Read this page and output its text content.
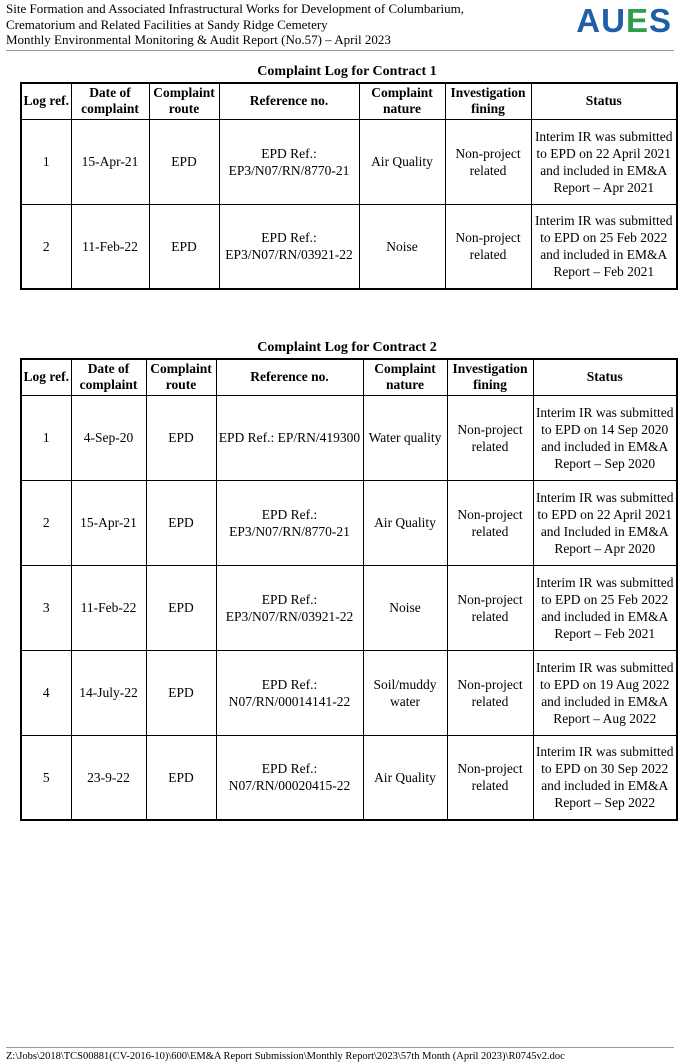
Site Formation and Associated Infrastructural Works for Development of Columbarium,
Crematorium and Related Facilities at Sandy Ridge Cemetery
Monthly Environmental Monitoring & Audit Report (No.57) – April 2023
AUES
Complaint Log for Contract 1
Log ref.	Date of complaint	Complaint route	Reference no.	Complaint nature	Investigation fining	Status
1	15-Apr-21	EPD	EPD Ref.: EP3/N07/RN/8770-21	Air Quality	Non-project related	Interim IR was submitted to EPD on 22 April 2021 and included in EM&A Report – Apr 2021
2	11-Feb-22	EPD	EPD Ref.: EP3/N07/RN/03921-22	Noise	Non-project related	Interim IR was submitted to EPD on 25 Feb 2022 and included in EM&A Report – Feb 2021
Complaint Log for Contract 2
Log ref.	Date of complaint	Complaint route	Reference no.	Complaint nature	Investigation fining	Status
1	4-Sep-20	EPD	EPD Ref.: EP/RN/419300	Water quality	Non-project related	Interim IR was submitted to EPD on 14 Sep 2020 and included in EM&A Report – Sep 2020
2	15-Apr-21	EPD	EPD Ref.: EP3/N07/RN/8770-21	Air Quality	Non-project related	Interim IR was submitted to EPD on 22 April 2021 and Included in EM&A Report – Apr 2020
3	11-Feb-22	EPD	EPD Ref.: EP3/N07/RN/03921-22	Noise	Non-project related	Interim IR was submitted to EPD on 25 Feb 2022 and included in EM&A Report – Feb 2021
4	14-July-22	EPD	EPD Ref.: N07/RN/00014141-22	Soil/muddy water	Non-project related	Interim IR was submitted to EPD on 19 Aug 2022 and included in EM&A Report – Aug 2022
5	23-9-22	EPD	EPD Ref.: N07/RN/00020415-22	Air Quality	Non-project related	Interim IR was submitted to EPD on 30 Sep 2022 and included in EM&A Report – Sep 2022
Z:\Jobs\2018\TCS00881(CV-2016-10)\600\EM&A Report Submission\Monthly Report\2023\57th Month (April 2023)\R0745v2.doc
